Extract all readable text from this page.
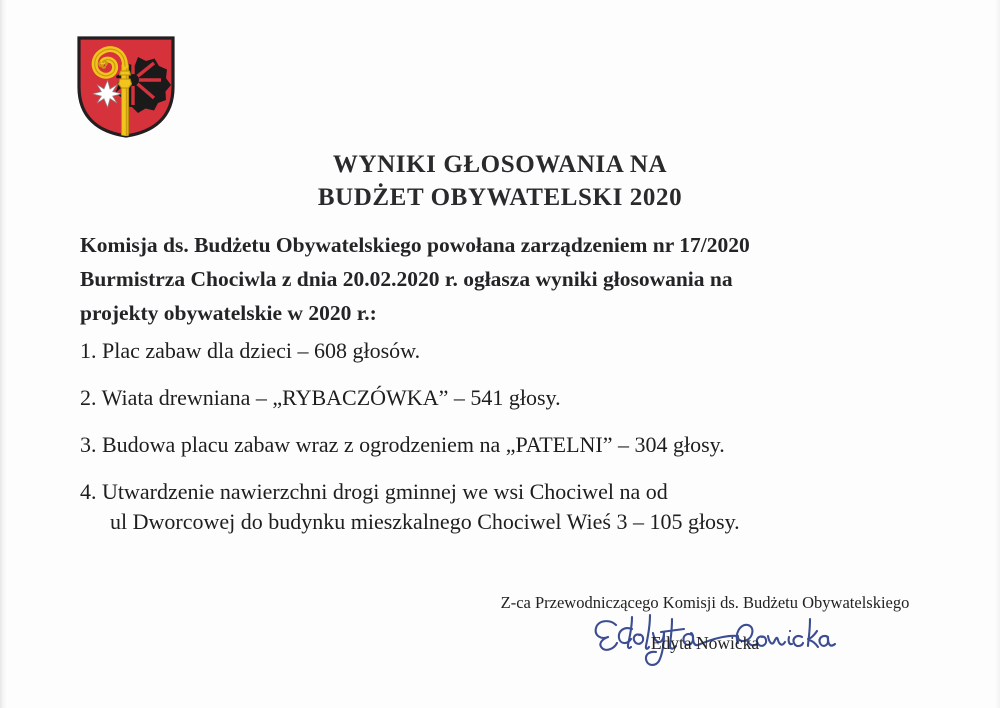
WYNIKI GŁOSOWANIA NA
BUDŻET OBYWATELSKI 2020
Komisja ds. Budżetu Obywatelskiego powołana zarządzeniem nr 17/2020
Burmistrza Chociwla z dnia 20.02.2020 r. ogłasza wyniki głosowania na
projekty obywatelskie w 2020 r.:
1. Plac zabaw dla dzieci – 608 głosów.
2. Wiata drewniana – „RYBACZÓWKA” – 541 głosy.
3. Budowa placu zabaw wraz z ogrodzeniem na „PATELNI” – 304 głosy.
4. Utwardzenie nawierzchni drogi gminnej we wsi Chociwel na od
ul Dworcowej do budynku mieszkalnego Chociwel Wieś 3 – 105 głosy.
Z-ca Przewodniczącego Komisji ds. Budżetu Obywatelskiego
Edyta Nowicka
